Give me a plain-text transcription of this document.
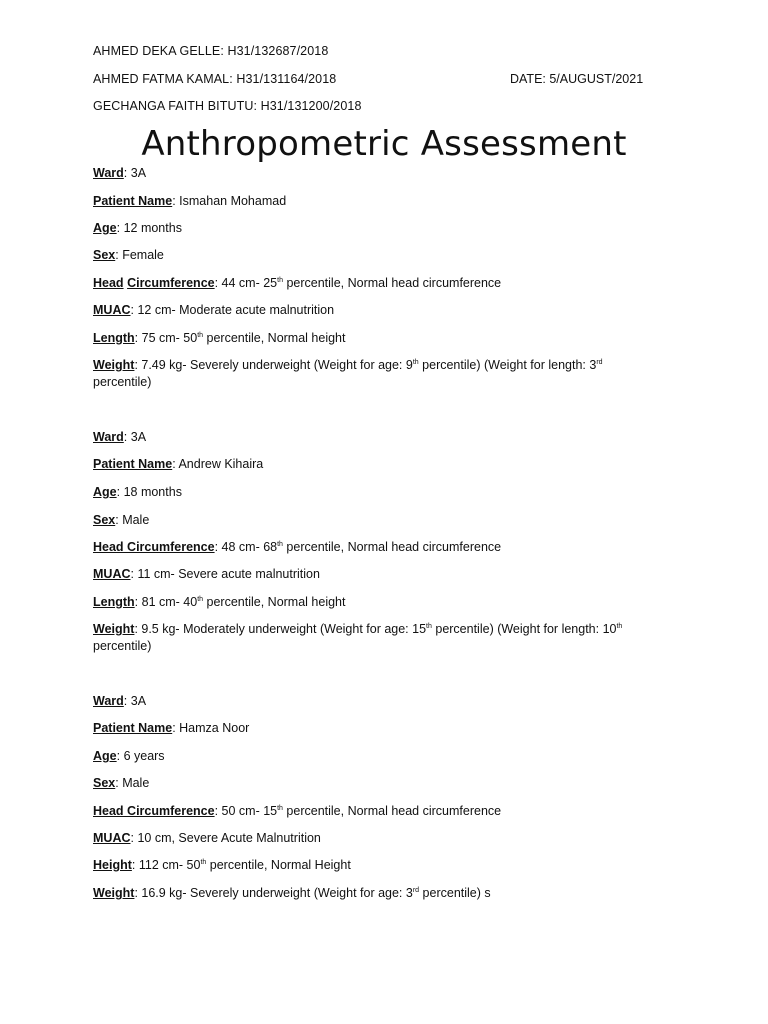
AHMED DEKA GELLE: H31/132687/2018
AHMED FATMA KAMAL: H31/131164/2018	DATE: 5/AUGUST/2021
GECHANGA FAITH BITUTU: H31/131200/2018
Anthropometric Assessment
Ward: 3A
Patient Name: Ismahan Mohamad
Age: 12 months
Sex: Female
Head Circumference: 44 cm- 25th percentile, Normal head circumference
MUAC: 12 cm- Moderate acute malnutrition
Length: 75 cm- 50th percentile, Normal height
Weight: 7.49 kg- Severely underweight (Weight for age: 9th percentile) (Weight for length: 3rd
percentile)
Ward: 3A
Patient Name: Andrew Kihaira
Age: 18 months
Sex: Male
Head Circumference: 48 cm- 68th percentile, Normal head circumference
MUAC: 11 cm- Severe acute malnutrition
Length: 81 cm- 40th percentile, Normal height
Weight: 9.5 kg- Moderately underweight (Weight for age: 15th percentile) (Weight for length: 10th
percentile)
Ward: 3A
Patient Name: Hamza Noor
Age: 6 years
Sex: Male
Head Circumference: 50 cm- 15th percentile, Normal head circumference
MUAC: 10 cm, Severe Acute Malnutrition
Height: 112 cm- 50th percentile, Normal Height
Weight: 16.9 kg- Severely underweight (Weight for age: 3rd percentile) s
